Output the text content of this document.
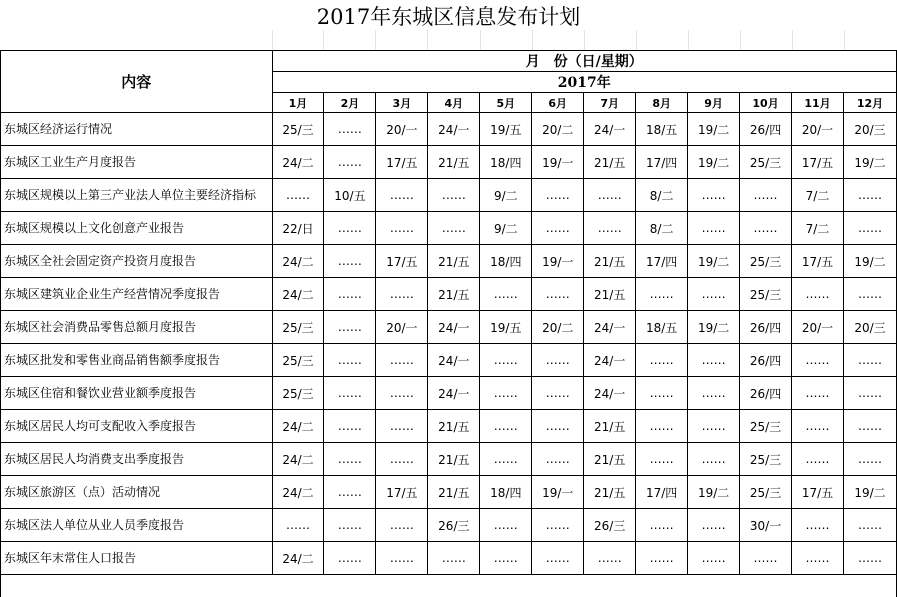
2017年东城区信息发布计划
内容	月　份（日/星期）											
	2017年											
	1月	2月	3月	4月	5月	6月	7月	8月	9月	10月	11月	12月
东城区经济运行情况	25/三	……	20/一	24/一	19/五	20/二	24/一	18/五	19/二	26/四	20/一	20/三
东城区工业生产月度报告	24/二	……	17/五	21/五	18/四	19/一	21/五	17/四	19/二	25/三	17/五	19/二
东城区规模以上第三产业法人单位主要经济指标	……	10/五	……	……	9/二	……	……	8/二	……	……	7/二	……
东城区规模以上文化创意产业报告	22/日	……	……	……	9/二	……	……	8/二	……	……	7/二	……
东城区全社会固定资产投资月度报告	24/二	……	17/五	21/五	18/四	19/一	21/五	17/四	19/二	25/三	17/五	19/二
东城区建筑业企业生产经营情况季度报告	24/二	……	……	21/五	……	……	21/五	……	……	25/三	……	……
东城区社会消费品零售总额月度报告	25/三	……	20/一	24/一	19/五	20/二	24/一	18/五	19/二	26/四	20/一	20/三
东城区批发和零售业商品销售额季度报告	25/三	……	……	24/一	……	……	24/一	……	……	26/四	……	……
东城区住宿和餐饮业营业额季度报告	25/三	……	……	24/一	……	……	24/一	……	……	26/四	……	……
东城区居民人均可支配收入季度报告	24/二	……	……	21/五	……	……	21/五	……	……	25/三	……	……
东城区居民人均消费支出季度报告	24/二	……	……	21/五	……	……	21/五	……	……	25/三	……	……
东城区旅游区（点）活动情况	24/二	……	17/五	21/五	18/四	19/一	21/五	17/四	19/二	25/三	17/五	19/二
东城区法人单位从业人员季度报告	……	……	……	26/三	……	……	26/三	……	……	30/一	……	……
东城区年末常住人口报告	24/二	……	……	……	……	……	……	……	……	……	……	……
